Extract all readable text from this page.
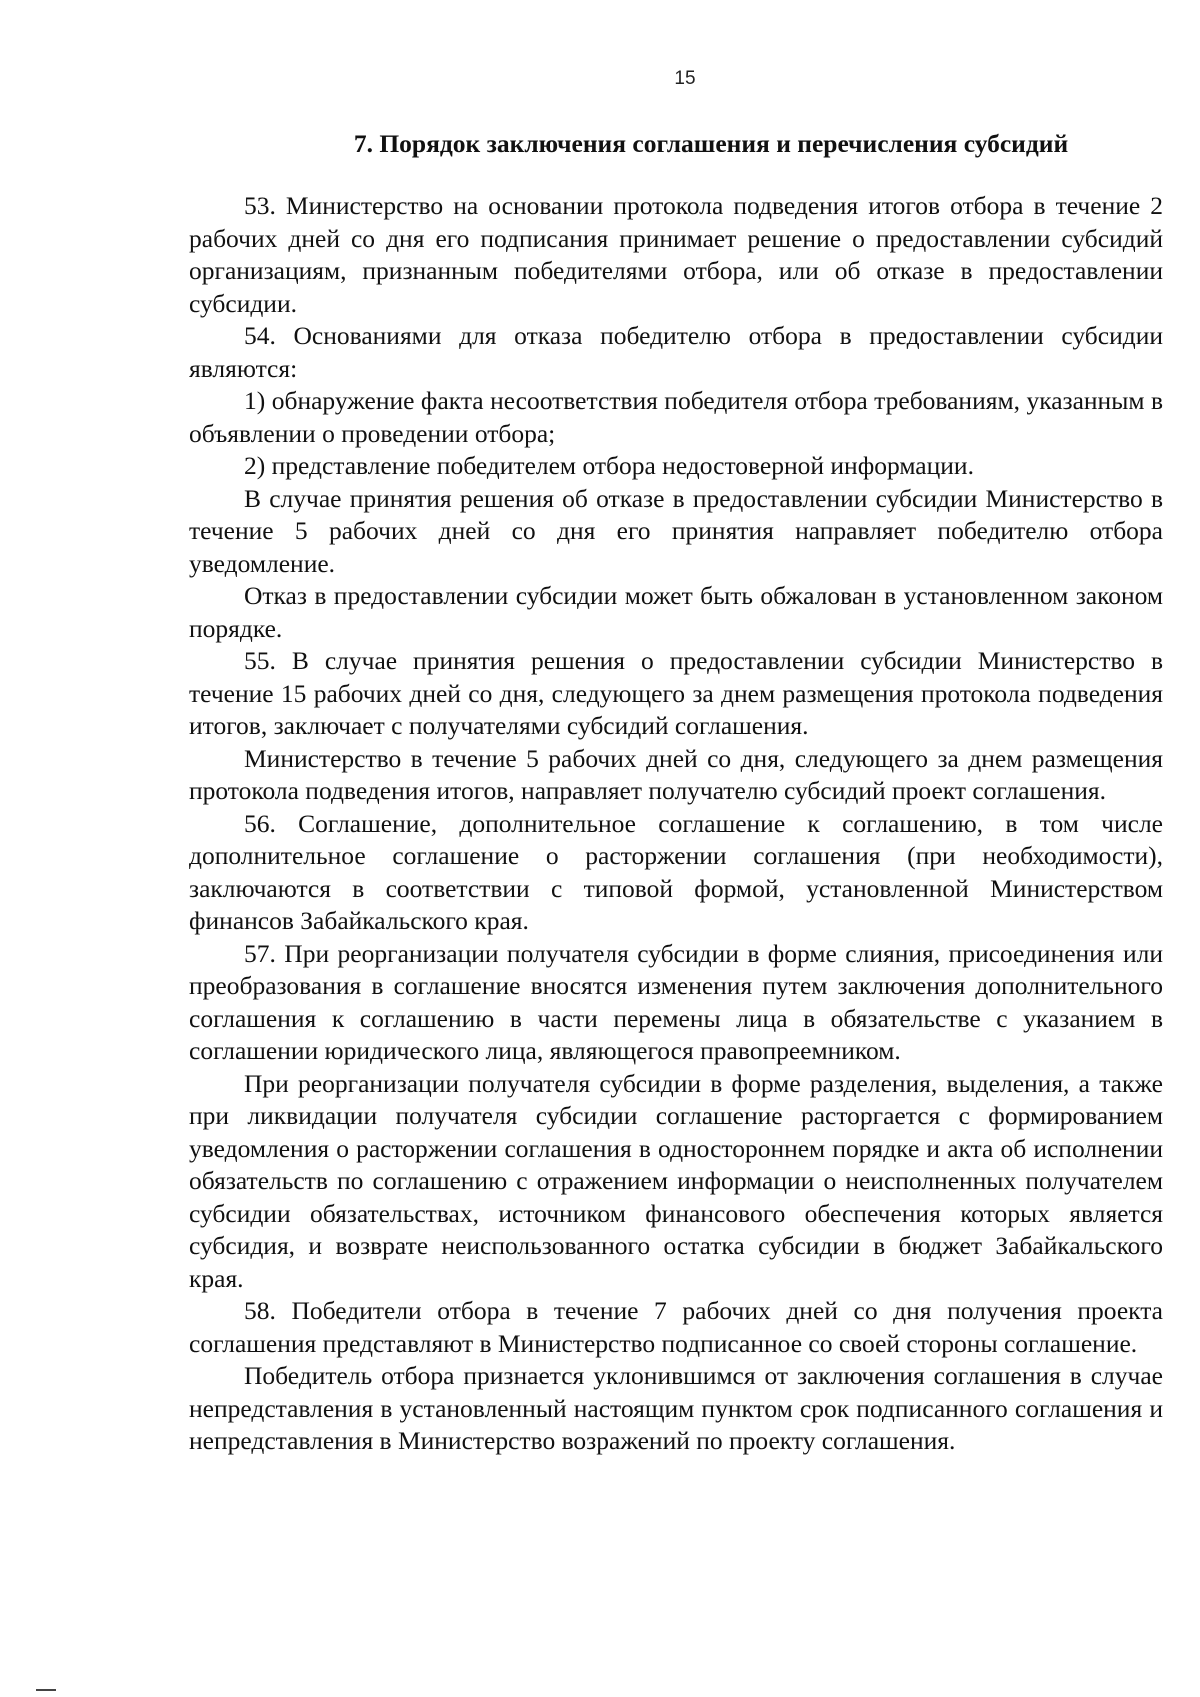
15
7. Порядок заключения соглашения и перечисления субсидий

53. Министерство на основании протокола подведения итогов отбора в течение 2 рабочих дней со дня его подписания принимает решение о предоставлении субсидий организациям, признанным победителями отбора, или об отказе в предоставлении субсидии.

54. Основаниями для отказа победителю отбора в предоставлении субсидии являются:

1) обнаружение факта несоответствия победителя отбора требованиям, указанным в объявлении о проведении отбора;

2) представление победителем отбора недостоверной информации.

В случае принятия решения об отказе в предоставлении субсидии Министерство в течение 5 рабочих дней со дня его принятия направляет победителю отбора уведомление.

Отказ в предоставлении субсидии может быть обжалован в установленном законом порядке.

55. В случае принятия решения о предоставлении субсидии Министерство в течение 15 рабочих дней со дня, следующего за днем размещения протокола подведения итогов, заключает с получателями субсидий соглашения.

Министерство в течение 5 рабочих дней со дня, следующего за днем размещения протокола подведения итогов, направляет получателю субсидий проект соглашения.

56. Соглашение, дополнительное соглашение к соглашению, в том числе дополнительное соглашение о расторжении соглашения (при необходимости), заключаются в соответствии с типовой формой, установленной Министерством финансов Забайкальского края.

57. При реорганизации получателя субсидии в форме слияния, присоединения или преобразования в соглашение вносятся изменения путем заключения дополнительного соглашения к соглашению в части перемены лица в обязательстве с указанием в соглашении юридического лица, являющегося правопреемником.

При реорганизации получателя субсидии в форме разделения, выделения, а также при ликвидации получателя субсидии соглашение расторгается с формированием уведомления о расторжении соглашения в одностороннем порядке и акта об исполнении обязательств по соглашению с отражением информации о неисполненных получателем субсидии обязательствах, источником финансового обеспечения которых является субсидия, и возврате неиспользованного остатка субсидии в бюджет Забайкальского края.

58. Победители отбора в течение 7 рабочих дней со дня получения проекта соглашения представляют в Министерство подписанное со своей стороны соглашение.

Победитель отбора признается уклонившимся от заключения соглашения в случае непредставления в установленный настоящим пунктом срок подписанного соглашения и непредставления в Министерство возражений по проекту соглашения.
